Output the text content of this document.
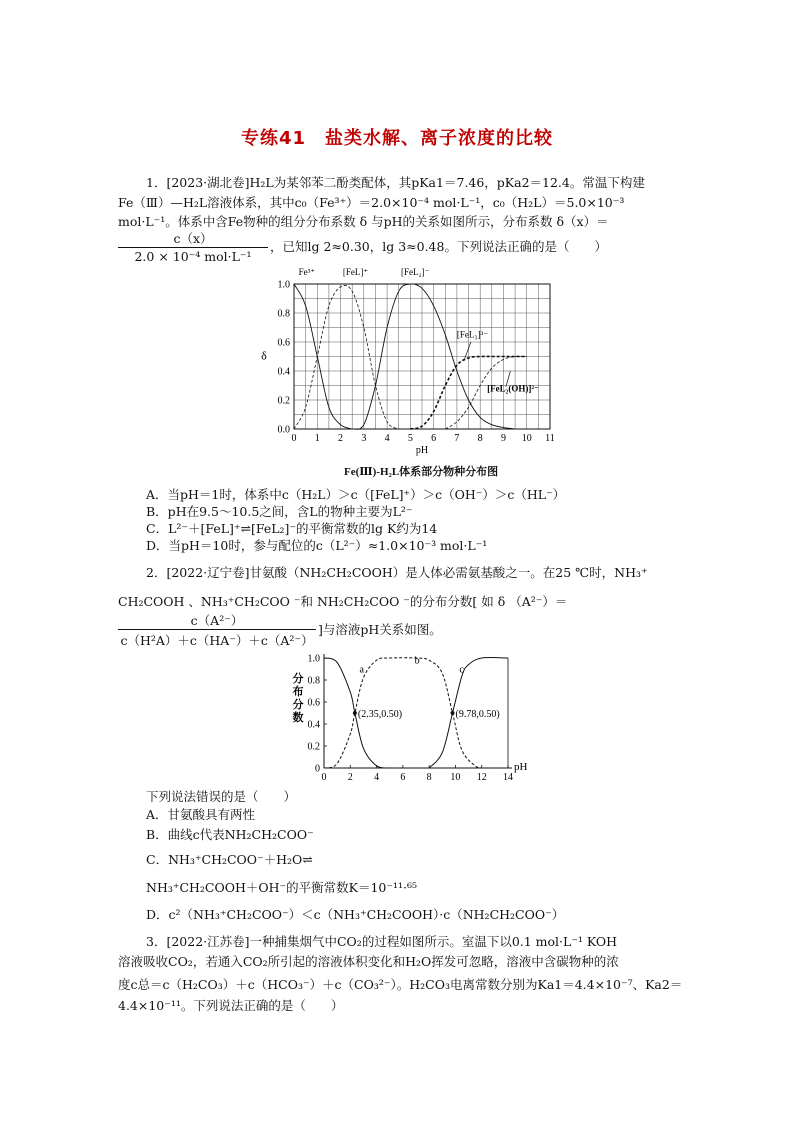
专练41　盐类水解、离子浓度的比较
1．[2023·湖北卷]H₂L为某邻苯二酚类配体，其pKa1＝7.46，pKa2＝12.4。常温下构建
Fe（Ⅲ）—H₂L溶液体系，其中c₀（Fe³⁺）＝2.0×10⁻⁴ mol·L⁻¹，c₀（H₂L）＝5.0×10⁻³
mol·L⁻¹。体系中含Fe物种的组分分布系数 δ 与pH的关系如图所示，分布系数 δ（x）＝
c（x）
2.0 × 10⁻⁴ mol·L⁻¹
，已知lg 2≈0.30，lg 3≈0.48。下列说法正确的是（　　）
0 1 2 3 4 5 6 7 8 9 10 11
0.0
0.2
0.4
0.6
0.8
1.0
pH
δ
Fe³⁺	[FeL]⁺	[FeL₂]⁻
[FeL₃]³⁻
[FeL₂(OH)]²⁻
Fe(Ⅲ)-H₂L体系部分物种分布图
A．当pH＝1时，体系中c（H₂L）＞c（[FeL]⁺）＞c（OH⁻）＞c（HL⁻）
B．pH在9.5～10.5之间，含L的物种主要为L²⁻
C．L²⁻＋[FeL]⁺⇌[FeL₂]⁻的平衡常数的lg K约为14
D．当pH＝10时，参与配位的c（L²⁻）≈1.0×10⁻³ mol·L⁻¹
2．[2022·辽宁卷]甘氨酸（NH₂CH₂COOH）是人体必需氨基酸之一。在25 ℃时，NH₃⁺
CH₂COOH 、NH₃⁺CH₂COO ⁻和 NH₂CH₂COO ⁻的分布分数[ 如 δ （A²⁻）＝
$\frac{\text{c（A²⁻）}}{\text{c（H²A）＋c（HA⁻）＋c（A²⁻）}}$ ]与溶液pH关系如图。
0 2 4 6 8 10 12 14
0
0.2
0.4
0.6
0.8
1.0
pH
分
布
分
数
a
b
c
(2.35,0.50)	(9.78,0.50)
下列说法错误的是（　　）
A．甘氨酸具有两性
B．曲线c代表NH₂CH₂COO⁻
C．NH₃⁺CH₂COO⁻＋H₂O⇌
NH₃⁺CH₂COOH＋OH⁻的平衡常数K＝10⁻¹¹·⁶⁵
D．c²（NH₃⁺CH₂COO⁻）＜c（NH₃⁺CH₂COOH）·c（NH₂CH₂COO⁻）
3．[2022·江苏卷]一种捕集烟气中CO₂的过程如图所示。室温下以0.1 mol·L⁻¹ KOH
溶液吸收CO₂，若通入CO₂所引起的溶液体积变化和H₂O挥发可忽略，溶液中含碳物种的浓
度c总＝c（H₂CO₃）＋c（HCO₃⁻）＋c（CO₃²⁻）。H₂CO₃电离常数分别为Ka1＝4.4×10⁻⁷、Ka2＝
4.4×10⁻¹¹。下列说法正确的是（　　）
